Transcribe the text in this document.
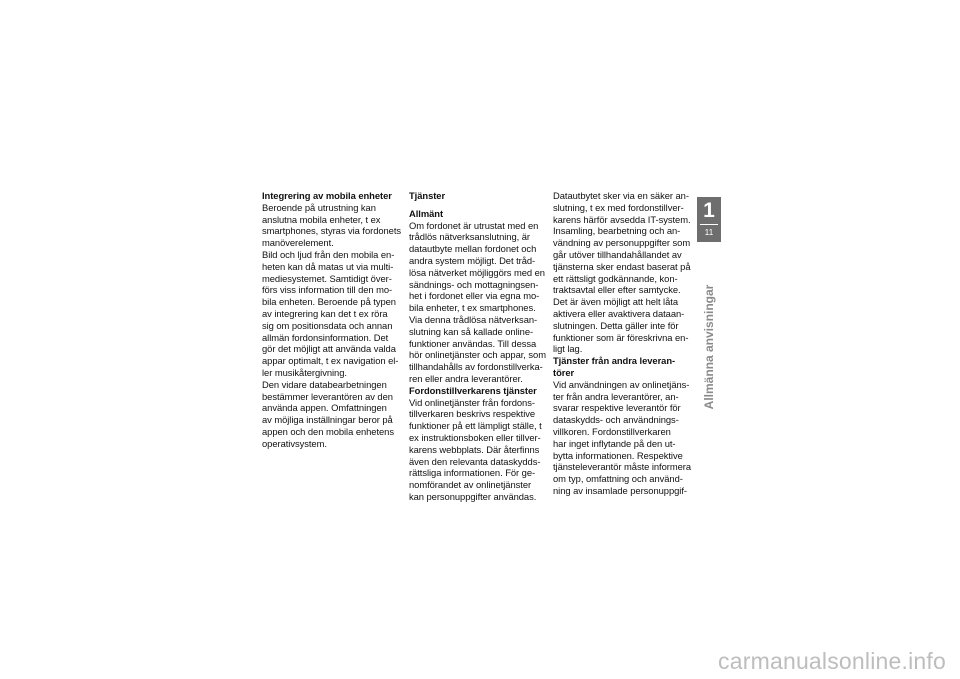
Integrering av mobila enheter
Beroende på utrustning kan
anslutna mobila enheter, t ex
smartphones, styras via fordonets
manöverelement.
Bild och ljud från den mobila en-
heten kan då matas ut via multi-
mediesystemet. Samtidigt över-
förs viss information till den mo-
bila enheten. Beroende på typen
av integrering kan det t ex röra
sig om positionsdata och annan
allmän fordonsinformation. Det
gör det möjligt att använda valda
appar optimalt, t ex navigation el-
ler musikåtergivning.
Den vidare databearbetningen
bestämmer leverantören av den
använda appen. Omfattningen
av möjliga inställningar beror på
appen och den mobila enhetens
operativsystem.
Tjänster
Allmänt
Om fordonet är utrustat med en
trådlös nätverksanslutning, är
datautbyte mellan fordonet och
andra system möjligt. Det tråd-
lösa nätverket möjliggörs med en
sändnings- och mottagningsen-
het i fordonet eller via egna mo-
bila enheter, t ex smartphones.
Via denna trådlösa nätverksan-
slutning kan så kallade online-
funktioner användas. Till dessa
hör onlinetjänster och appar, som
tillhandahålls av fordonstillverka-
ren eller andra leverantörer.
Fordonstillverkarens tjänster
Vid onlinetjänster från fordons-
tillverkaren beskrivs respektive
funktioner på ett lämpligt ställe, t
ex instruktionsboken eller tillver-
karens webbplats. Där återfinns
även den relevanta dataskydds-
rättsliga informationen. För ge-
nomförandet av onlinetjänster
kan personuppgifter användas.
Datautbytet sker via en säker an-
slutning, t ex med fordonstillver-
karens härför avsedda IT-system.
Insamling, bearbetning och an-
vändning av personuppgifter som
går utöver tillhandahållandet av
tjänsterna sker endast baserat på
ett rättsligt godkännande, kon-
traktsavtal eller efter samtycke.
Det är även möjligt att helt låta
aktivera eller avaktivera dataan-
slutningen. Detta gäller inte för
funktioner som är föreskrivna en-
ligt lag.
Tjänster från andra leveran-
törer
Vid användningen av onlinetjäns-
ter från andra leverantörer, an-
svarar respektive leverantör för
dataskydds- och användnings-
villkoren. Fordonstillverkaren
har inget inflytande på den ut-
bytta informationen. Respektive
tjänsteleverantör måste informera
om typ, omfattning och använd-
ning av insamlade personuppgif-
1
11
Allmänna anvisningar
carmanualsonline.info
